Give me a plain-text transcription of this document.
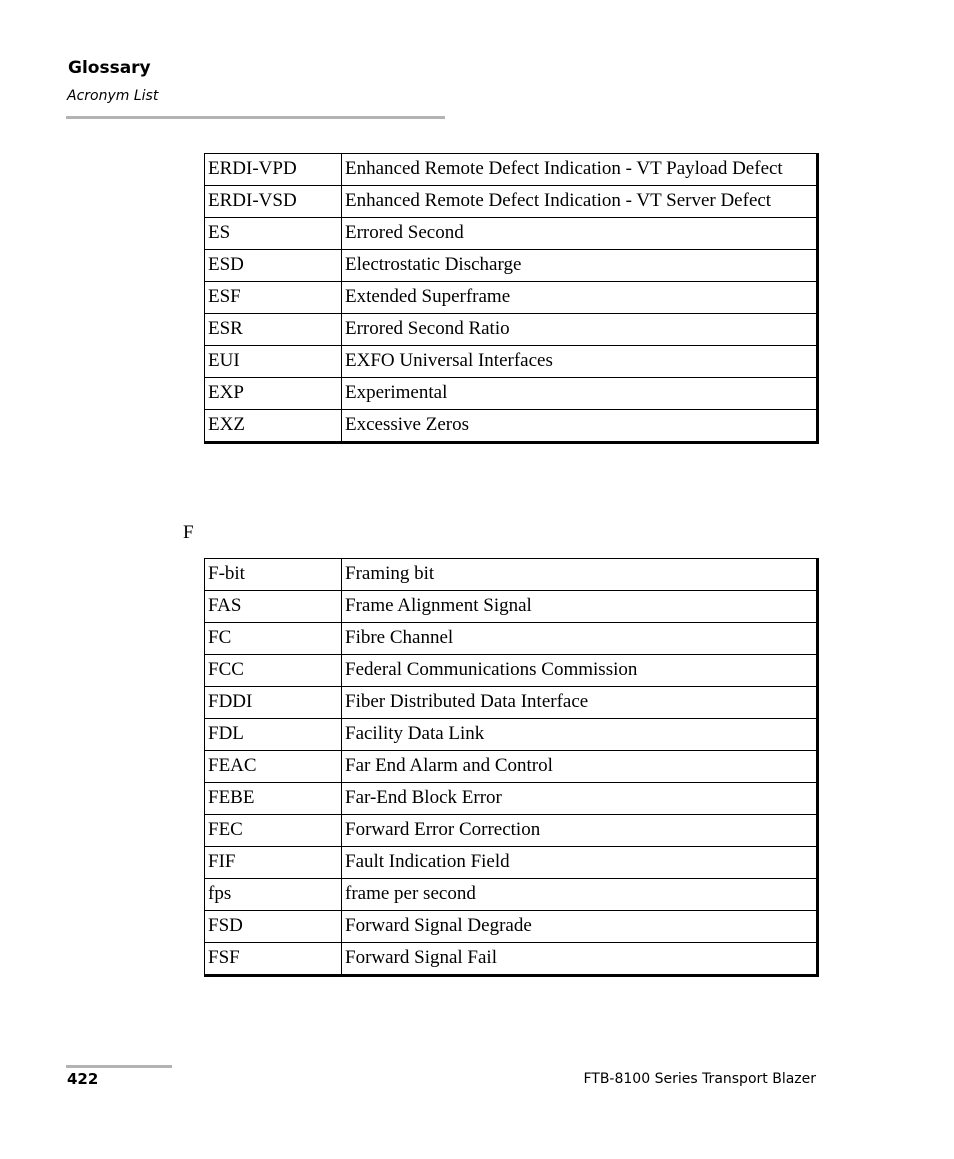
Glossary
Acronym List
ERDI-VPD	Enhanced Remote Defect Indication - VT Payload Defect
ERDI-VSD	Enhanced Remote Defect Indication - VT Server Defect
ES	Errored Second
ESD	Electrostatic Discharge
ESF	Extended Superframe
ESR	Errored Second Ratio
EUI	EXFO Universal Interfaces
EXP	Experimental
EXZ	Excessive Zeros
F
F-bit	Framing bit
FAS	Frame Alignment Signal
FC	Fibre Channel
FCC	Federal Communications Commission
FDDI	Fiber Distributed Data Interface
FDL	Facility Data Link
FEAC	Far End Alarm and Control
FEBE	Far-End Block Error
FEC	Forward Error Correction
FIF	Fault Indication Field
fps	frame per second
FSD	Forward Signal Degrade
FSF	Forward Signal Fail
422	FTB-8100 Series Transport Blazer
